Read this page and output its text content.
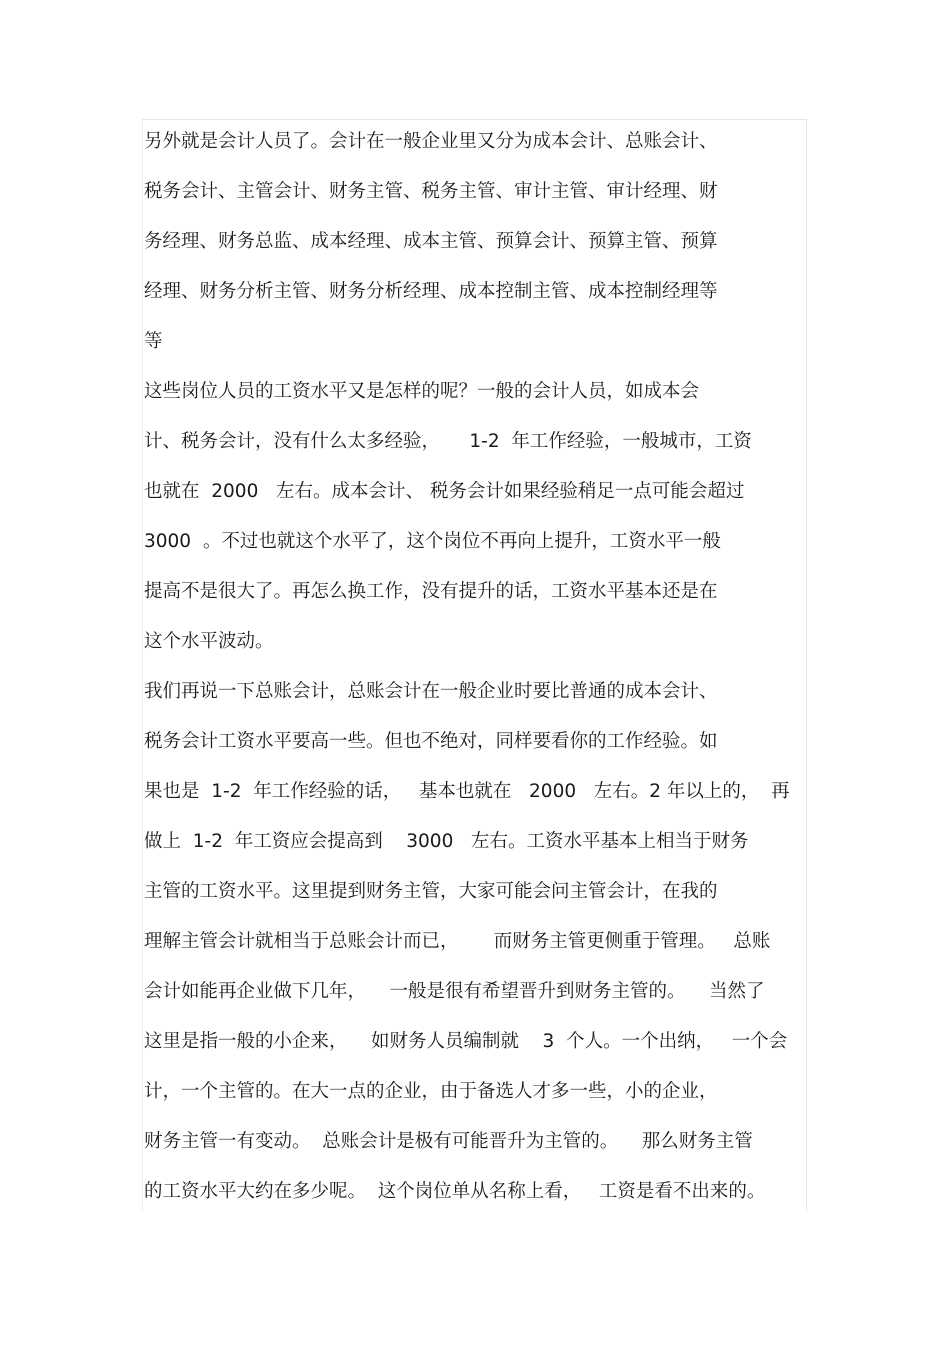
另外就是会计人员了。会计在一般企业里又分为成本会计、总账会计、
税务会计、主管会计、财务主管、税务主管、审计主管、审计经理、财
务经理、财务总监、成本经理、成本主管、预算会计、预算主管、预算
经理、财务分析主管、财务分析经理、成本控制主管、成本控制经理等
等
这些岗位人员的工资水平又是怎样的呢？一般的会计人员，如成本会
计、税务会计，没有什么太多经验，     1-2  年工作经验，一般城市，工资
也就在  2000   左右。成本会计、 税务会计如果经验稍足一点可能会超过
3000  。不过也就这个水平了，这个岗位不再向上提升，工资水平一般
提高不是很大了。再怎么换工作，没有提升的话，工资水平基本还是在
这个水平波动。
我们再说一下总账会计，总账会计在一般企业时要比普通的成本会计、
税务会计工资水平要高一些。但也不绝对，同样要看你的工作经验。如
果也是  1-2  年工作经验的话，   基本也就在   2000   左右。2 年以上的，  再
做上  1-2  年工资应会提高到    3000   左右。工资水平基本上相当于财务
主管的工资水平。这里提到财务主管，大家可能会问主管会计，在我的
理解主管会计就相当于总账会计而已，      而财务主管更侧重于管理。   总账
会计如能再企业做下几年，    一般是很有希望晋升到财务主管的。    当然了
这里是指一般的小企来，    如财务人员编制就    3  个人。一个出纳，   一个会
计，一个主管的。在大一点的企业，由于备选人才多一些，小的企业，
财务主管一有变动。  总账会计是极有可能晋升为主管的。    那么财务主管
的工资水平大约在多少呢。  这个岗位单从名称上看，   工资是看不出来的。
